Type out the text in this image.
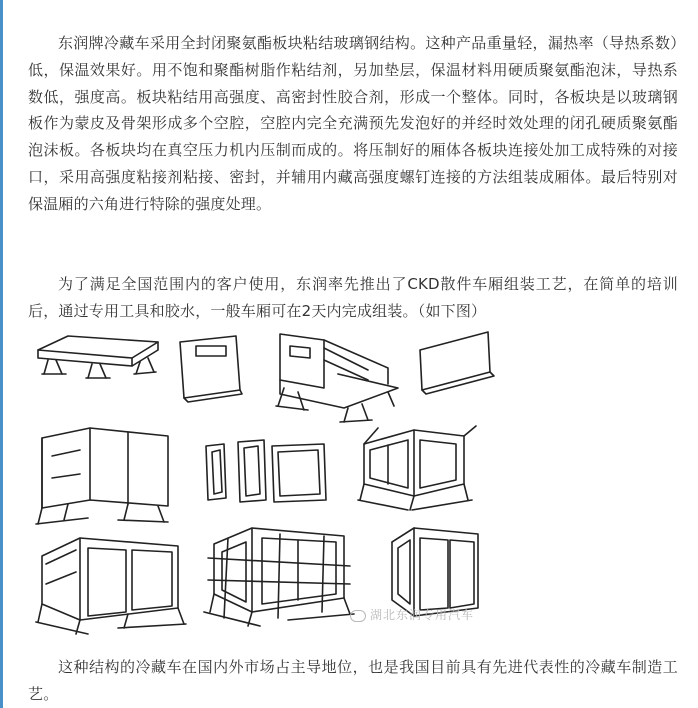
东润牌冷藏车采用全封闭聚氨酯板块粘结玻璃钢结构。这种产品重量轻，漏热率（导热系数）低，保温效果好。用不饱和聚酯树脂作粘结剂，另加垫层，保温材料用硬质聚氨酯泡沫，导热系数低，强度高。板块粘结用高强度、高密封性胶合剂，形成一个整体。同时，各板块是以玻璃钢板作为蒙皮及骨架形成多个空腔，空腔内完全充满预先发泡好的并经时效处理的闭孔硬质聚氨酯泡沫板。各板块均在真空压力机内压制而成的。将压制好的厢体各板块连接处加工成特殊的对接口，采用高强度粘接剂粘接、密封，并辅用内藏高强度螺钉连接的方法组装成厢体。最后特别对保温厢的六角进行特除的强度处理。

为了满足全国范围内的客户使用，东润率先推出了CKD散件车厢组装工艺，在简单的培训后，通过专用工具和胶水，一般车厢可在2天内完成组装。（如下图）

湖北东润专用汽车

这种结构的冷藏车在国内外市场占主导地位，也是我国目前具有先进代表性的冷藏车制造工艺。
